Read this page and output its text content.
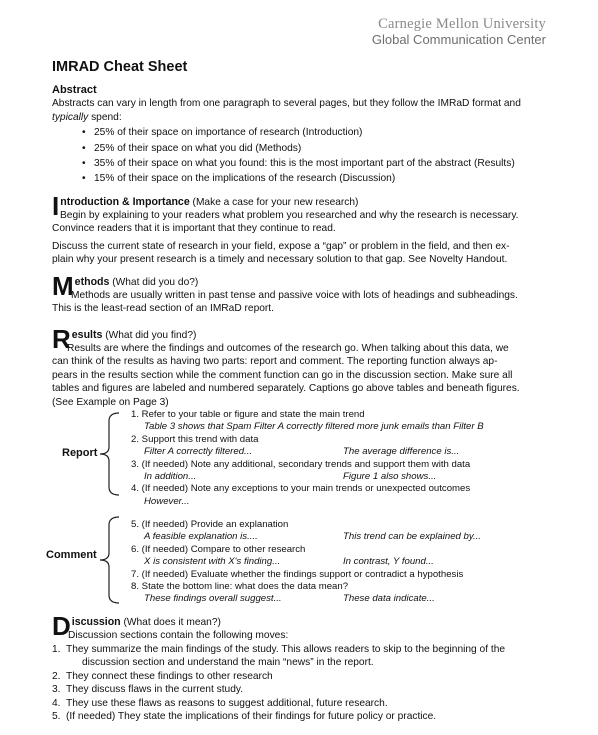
Carnegie Mellon University
Global Communication Center
IMRAD Cheat Sheet
Abstract
Abstracts can vary in length from one paragraph to several pages, but they follow the IMRaD format and
typically spend:
• 25% of their space on importance of research (Introduction)
• 25% of their space on what you did (Methods)
• 35% of their space on what you found: this is the most important part of the abstract (Results)
• 15% of their space on the implications of the research (Discussion)
Introduction & Importance (Make a case for your new research)
Begin by explaining to your readers what problem you researched and why the research is necessary.
Convince readers that it is important that they continue to read.
Discuss the current state of research in your field, expose a “gap” or problem in the field, and then ex-
plain why your present research is a timely and necessary solution to that gap. See Novelty Handout.
Methods (What did you do?)
Methods are usually written in past tense and passive voice with lots of headings and subheadings.
This is the least-read section of an IMRaD report.
Results (What did you find?)
Results are where the findings and outcomes of the research go. When talking about this data, we
can think of the results as having two parts: report and comment. The reporting function always ap-
pears in the results section while the comment function can go in the discussion section. Make sure all
tables and figures are labeled and numbered separately. Captions go above tables and beneath figures.
(See Example on Page 3)
Report
1. Refer to your table or figure and state the main trend
Table 3 shows that Spam Filter A correctly filtered more junk emails than Filter B
2. Support this trend with data
Filter A correctly filtered...	The average difference is...
3. (If needed) Note any additional, secondary trends and support them with data
In addition...	Figure 1 also shows...
4. (If needed) Note any exceptions to your main trends or unexpected outcomes
However...
Comment
5. (If needed) Provide an explanation
A feasible explanation is....	This trend can be explained by...
6. (If needed) Compare to other research
X is consistent with X's finding...	In contrast, Y found...
7. (If needed) Evaluate whether the findings support or contradict a hypothesis
8. State the bottom line: what does the data mean?
These findings overall suggest...	These data indicate...
Discussion (What does it mean?)
Discussion sections contain the following moves:
1. They summarize the main findings of the study. This allows readers to skip to the beginning of the
discussion section and understand the main “news” in the report.
2. They connect these findings to other research
3. They discuss flaws in the current study.
4. They use these flaws as reasons to suggest additional, future research.
5. (If needed) They state the implications of their findings for future policy or practice.
